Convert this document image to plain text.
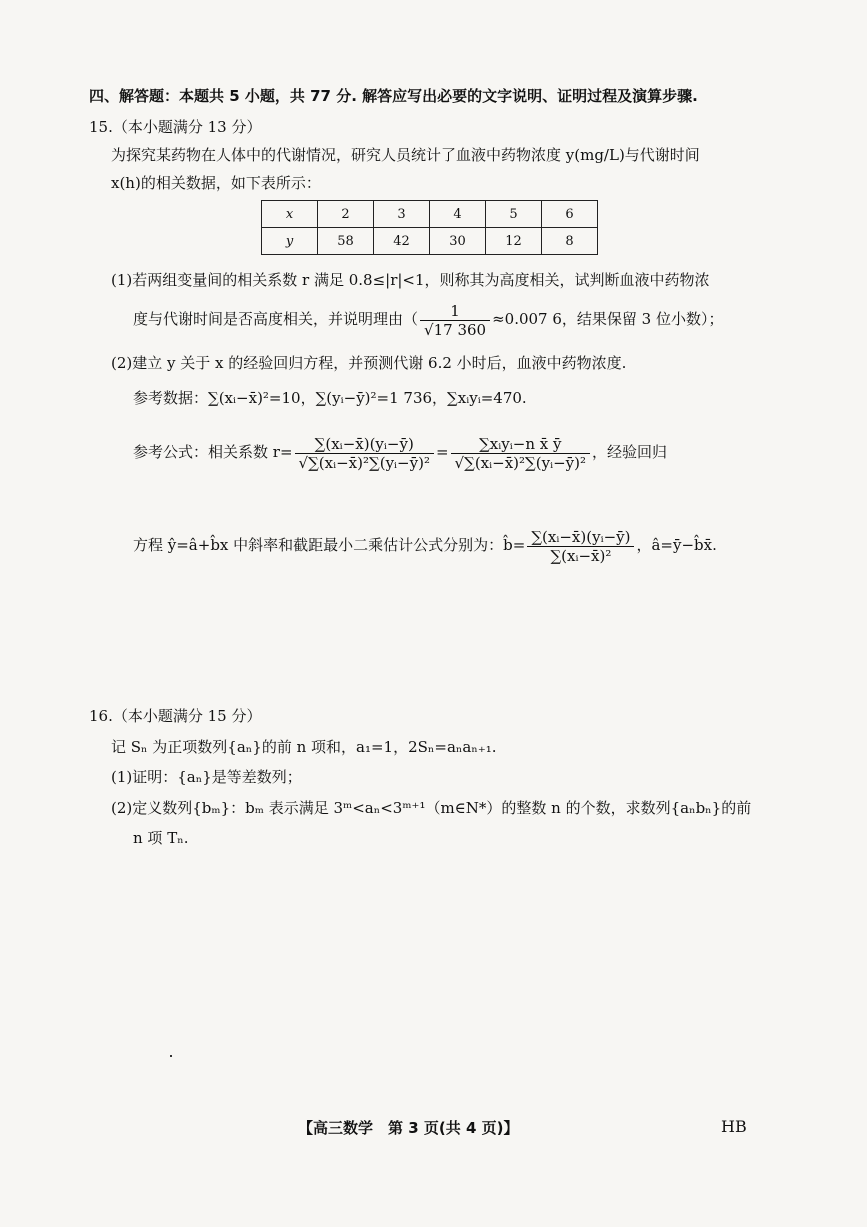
四、解答题：本题共 5 小题，共 77 分. 解答应写出必要的文字说明、证明过程及演算步骤.
15.（本小题满分 13 分）
为探究某药物在人体中的代谢情况，研究人员统计了血液中药物浓度 y(mg/L)与代谢时间
x(h)的相关数据，如下表所示：
x	2	3	4	5	6
y	58	42	30	12	8
(1)若两组变量间的相关系数 r 满足 0.8≤|r|<1，则称其为高度相关，试判断血液中药物浓
度与代谢时间是否高度相关，并说明理由（ $\frac{1}{√17 360} \approx 0.007$ 6，结果保留 3 位小数）；
(2)建立 y 关于 x 的经验回归方程，并预测代谢 6.2 小时后，血液中药物浓度.
参考数据：∑(xᵢ−x̄)²=10，∑(yᵢ−ȳ)²=1 736，∑xᵢyᵢ=470.
参考公式：相关系数 $r= \frac{\text{∑(xᵢ−x̄)(yᵢ−ȳ)}}{\text{√∑(xᵢ−x̄)²∑(yᵢ−ȳ)²}} = \frac{\text{∑xᵢyᵢ−n x̄ ȳ}}{\text{√∑(xᵢ−x̄)²∑(yᵢ−ȳ)²}}$ ，经验回归
方程 ŷ=â+b̂x 中斜率和截距最小二乘估计公式分别为：b̂= $\frac{\text{∑(xᵢ−x̄)(yᵢ−ȳ)}}{\text{∑(xᵢ−x̄)²}}$ ，â=ȳ−b̂x̄.
16.（本小题满分 15 分）
记 Sₙ 为正项数列{aₙ}的前 n 项和，a₁=1，2Sₙ=aₙaₙ₊₁.
(1)证明：{aₙ}是等差数列；
(2)定义数列{bₘ}：bₘ 表示满足 3ᵐ<aₙ<3ᵐ⁺¹（m∈N*）的整数 n 的个数，求数列{aₙbₙ}的前
n 项 Tₙ.
【高三数学　第 3 页(共 4 页)】	HB
